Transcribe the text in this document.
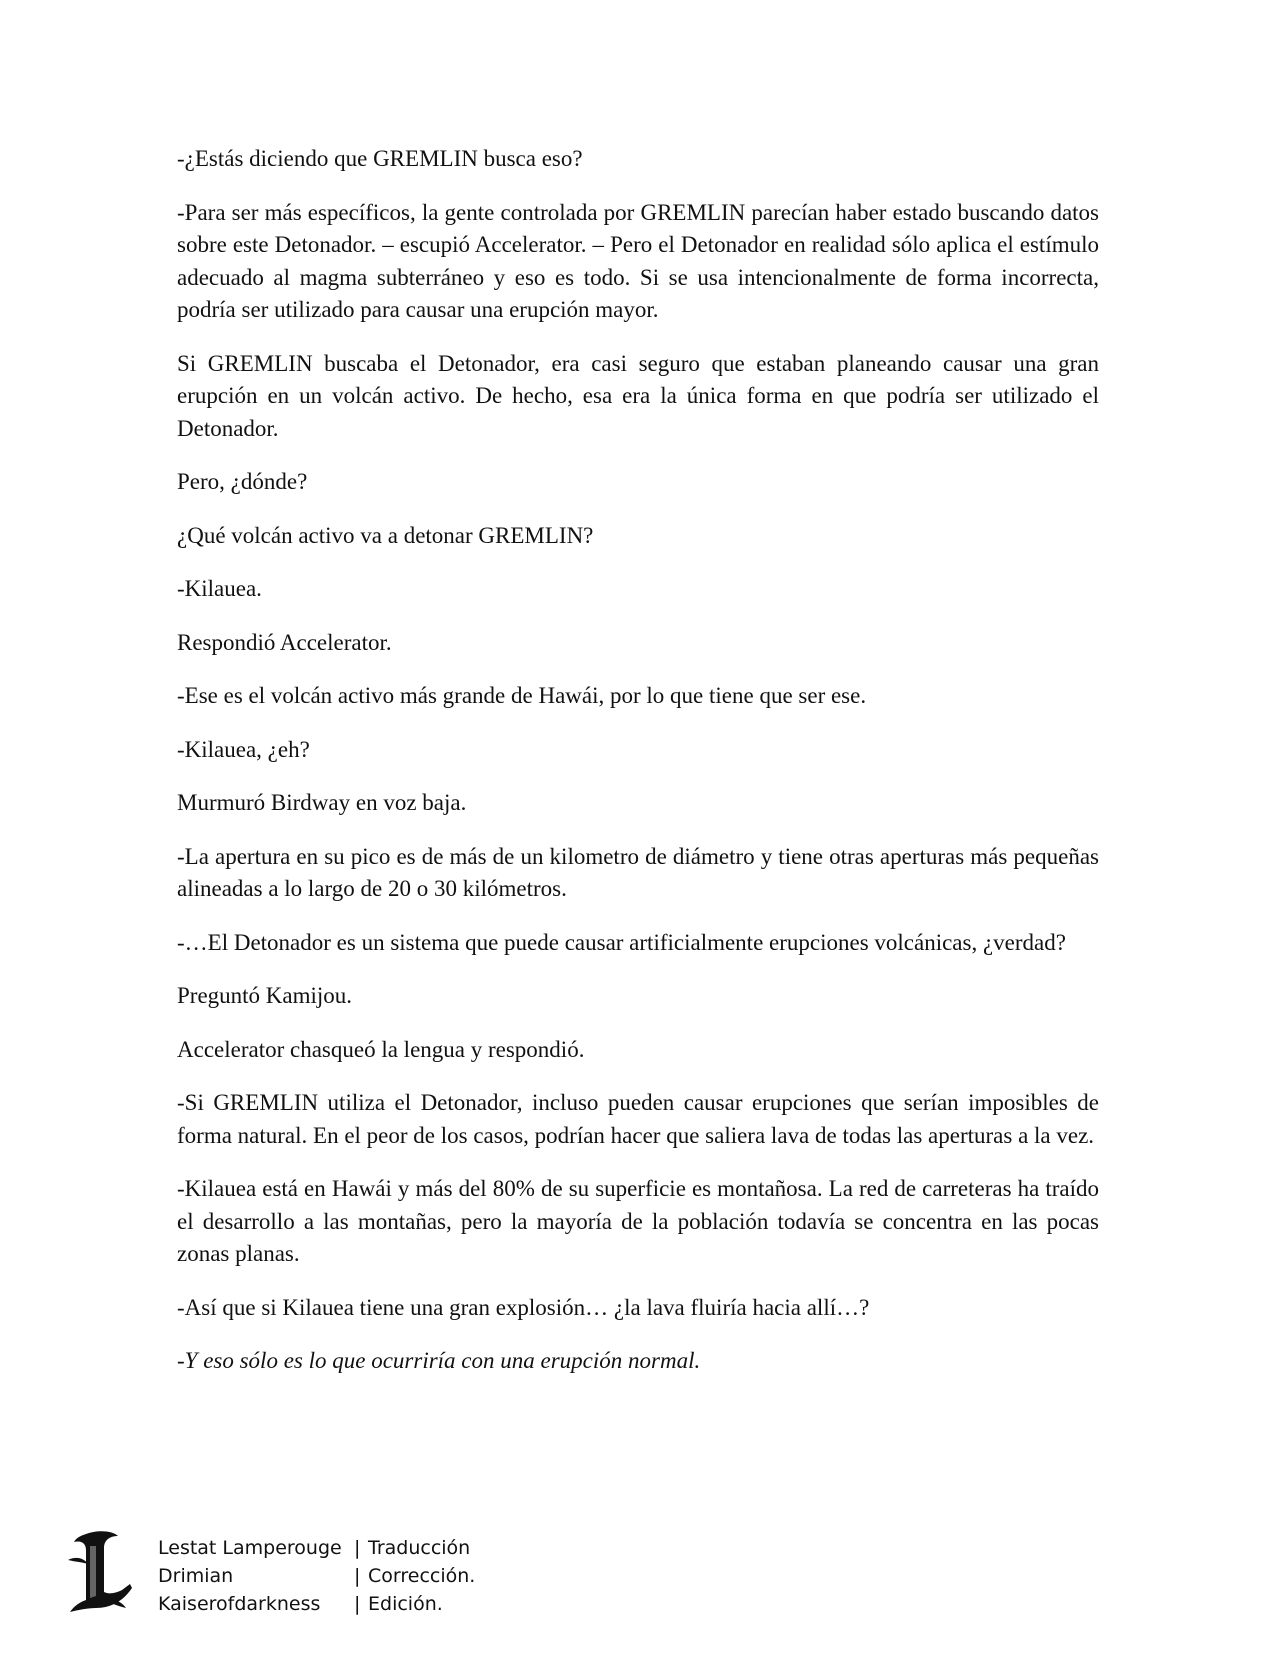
-¿Estás diciendo que GREMLIN busca eso?

-Para ser más específicos, la gente controlada por GREMLIN parecían haber estado buscando datos sobre este Detonador. – escupió Accelerator. – Pero el Detonador en realidad sólo aplica el estímulo adecuado al magma subterráneo y eso es todo. Si se usa intencionalmente de forma incorrecta, podría ser utilizado para causar una erupción mayor.

Si GREMLIN buscaba el Detonador, era casi seguro que estaban planeando causar una gran erupción en un volcán activo. De hecho, esa era la única forma en que podría ser utilizado el Detonador.

Pero, ¿dónde?

¿Qué volcán activo va a detonar GREMLIN?

-Kilauea.

Respondió Accelerator.

-Ese es el volcán activo más grande de Hawái, por lo que tiene que ser ese.

-Kilauea, ¿eh?

Murmuró Birdway en voz baja.

-La apertura en su pico es de más de un kilometro de diámetro y tiene otras aperturas más pequeñas alineadas a lo largo de 20 o 30 kilómetros.

-…El Detonador es un sistema que puede causar artificialmente erupciones volcánicas, ¿verdad?

Preguntó Kamijou.

Accelerator chasqueó la lengua y respondió.

-Si GREMLIN utiliza el Detonador, incluso pueden causar erupciones que serían imposibles de forma natural. En el peor de los casos, podrían hacer que saliera lava de todas las aperturas a la vez.

-Kilauea está en Hawái y más del 80% de su superficie es montañosa. La red de carreteras ha traído el desarrollo a las montañas, pero la mayoría de la población todavía se concentra en las pocas zonas planas.

-Así que si Kilauea tiene una gran explosión… ¿la lava fluiría hacia allí…?

-Y eso sólo es lo que ocurriría con una erupción normal.

Lestat Lamperouge | Traducción
Drimian	| Corrección.
Kaiserofdarkness	| Edición.
